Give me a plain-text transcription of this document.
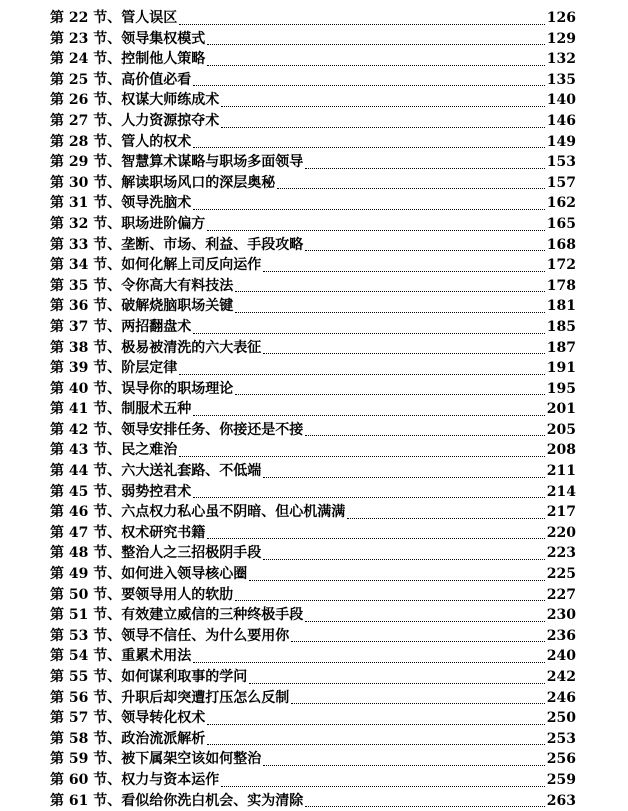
第 22 节、管人误区	126
第 23 节、领导集权模式	129
第 24 节、控制他人策略	132
第 25 节、高价值必看	135
第 26 节、权谋大师练成术	140
第 27 节、人力资源掠夺术	146
第 28 节、管人的权术	149
第 29 节、智慧算术谋略与职场多面领导	153
第 30 节、解读职场风口的深层奥秘	157
第 31 节、领导洗脑术	162
第 32 节、职场进阶偏方	165
第 33 节、垄断、市场、利益、手段攻略	168
第 34 节、如何化解上司反向运作	172
第 35 节、令你高大有料技法	178
第 36 节、破解烧脑职场关键	181
第 37 节、两招翻盘术	185
第 38 节、极易被清洗的六大表征	187
第 39 节、阶层定律	191
第 40 节、误导你的职场理论	195
第 41 节、制服术五种	201
第 42 节、领导安排任务、你接还是不接	205
第 43 节、民之难治	208
第 44 节、六大送礼套路、不低端	211
第 45 节、弱势控君术	214
第 46 节、六点权力私心虽不阴暗、但心机满满	217
第 47 节、权术研究书籍	220
第 48 节、整治人之三招极阴手段	223
第 49 节、如何进入领导核心圈	225
第 50 节、要领导用人的软肋	227
第 51 节、有效建立威信的三种终极手段	230
第 53 节、领导不信任、为什么要用你	236
第 54 节、重累术用法	240
第 55 节、如何谋利取事的学问	242
第 56 节、升职后却突遭打压怎么反制	246
第 57 节、领导转化权术	250
第 58 节、政治流派解析	253
第 59 节、被下属架空该如何整治	256
第 60 节、权力与资本运作	259
第 61 节、看似给你洗白机会、实为清除	263
